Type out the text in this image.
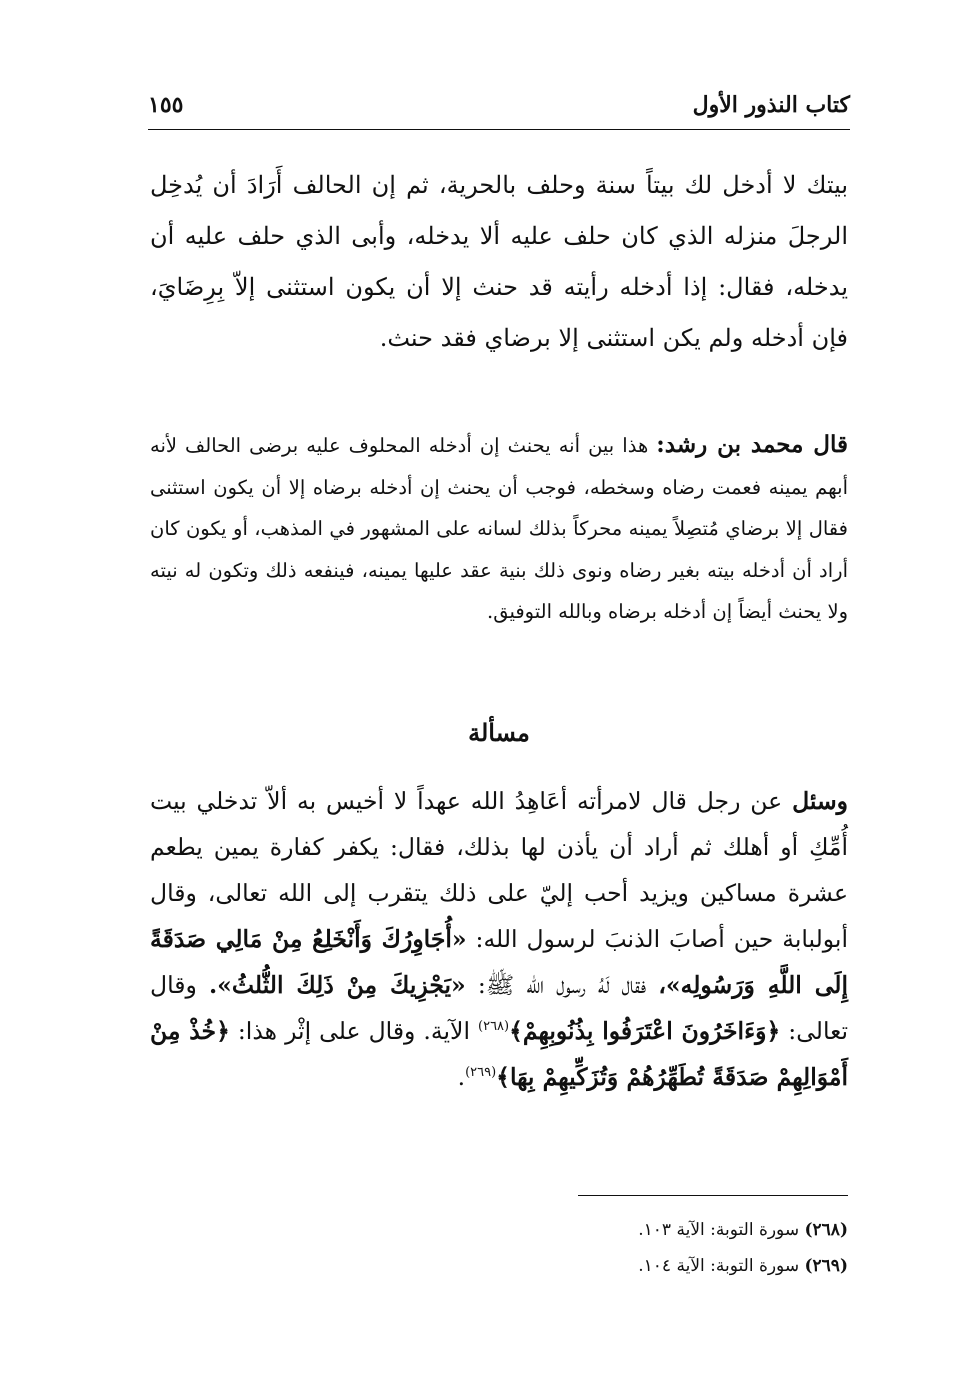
كتاب النذور الأول
١٥٥

بيتك لا أدخل لك بيتاً سنة وحلف بالحرية، ثم إن الحالف أَرَادَ أن يُدخِل الرجلَ منزله الذي كان حلف عليه ألا يدخله، وأبى الذي حلف عليه أن يدخله، فقال: إذا أدخله رأيته قد حنث إلا أن يكون استثنى إلاّ بِرِضَايَ، فإن أدخله ولم يكن استثنى إلا برضاي فقد حنث.

قال محمد بن رشد: هذا بين أنه يحنث إن أدخله المحلوف عليه برضى الحالف لأنه أبهم يمينه فعمت رضاه وسخطه، فوجب أن يحنث إن أدخله برضاه إلا أن يكون استثنى فقال إلا برضاي مُتصِلاً يمينه محركاً بذلك لسانه على المشهور في المذهب، أو يكون كان أراد أن أدخله بيته بغير رضاه ونوى ذلك بنية عقد عليها يمينه، فينفعه ذلك وتكون له نيته ولا يحنث أيضاً إن أدخله برضاه وبالله التوفيق.

مسألة

وسئل عن رجل قال لامرأته أعَاهِدُ الله عهداً لا أخيس به ألاّ تدخلي بيت أُمِّكِ أو أهلك ثم أراد أن يأذن لها بذلك، فقال: يكفر كفارة يمين يطعم عشرة مساكين ويزيد أحب إليّ على ذلك يتقرب إلى الله تعالى، وقال أبولبابة حين أصابَ الذنبَ لرسول الله: «أُجَاوِرُكَ وَأَنْخَلِعُ مِنْ مَالِي صَدَقَةً إِلَى اللَّهِ وَرَسُولِه»، فقال لَهُ رسول الله ﷺ: «يَجْزِيكَ مِنْ ذَلِكَ الثُّلثُ». وقال تعالى: ﴿وَءَاخَرُونَ اعْتَرَفُوا بِذُنُوبِهِمْ﴾$^{(٢٦٨)}$ الآية. وقال على إثْر هذا: ﴿خُذْ مِنْ أَمْوَالِهِمْ صَدَقَةً تُطَهِّرُهُمْ وَتُزَكِّيهِمْ بِهَا﴾$^{(٢٦٩)}$.

(٢٦٨) سورة التوبة: الآية ١٠٣.
(٢٦٩) سورة التوبة: الآية ١٠٤.
